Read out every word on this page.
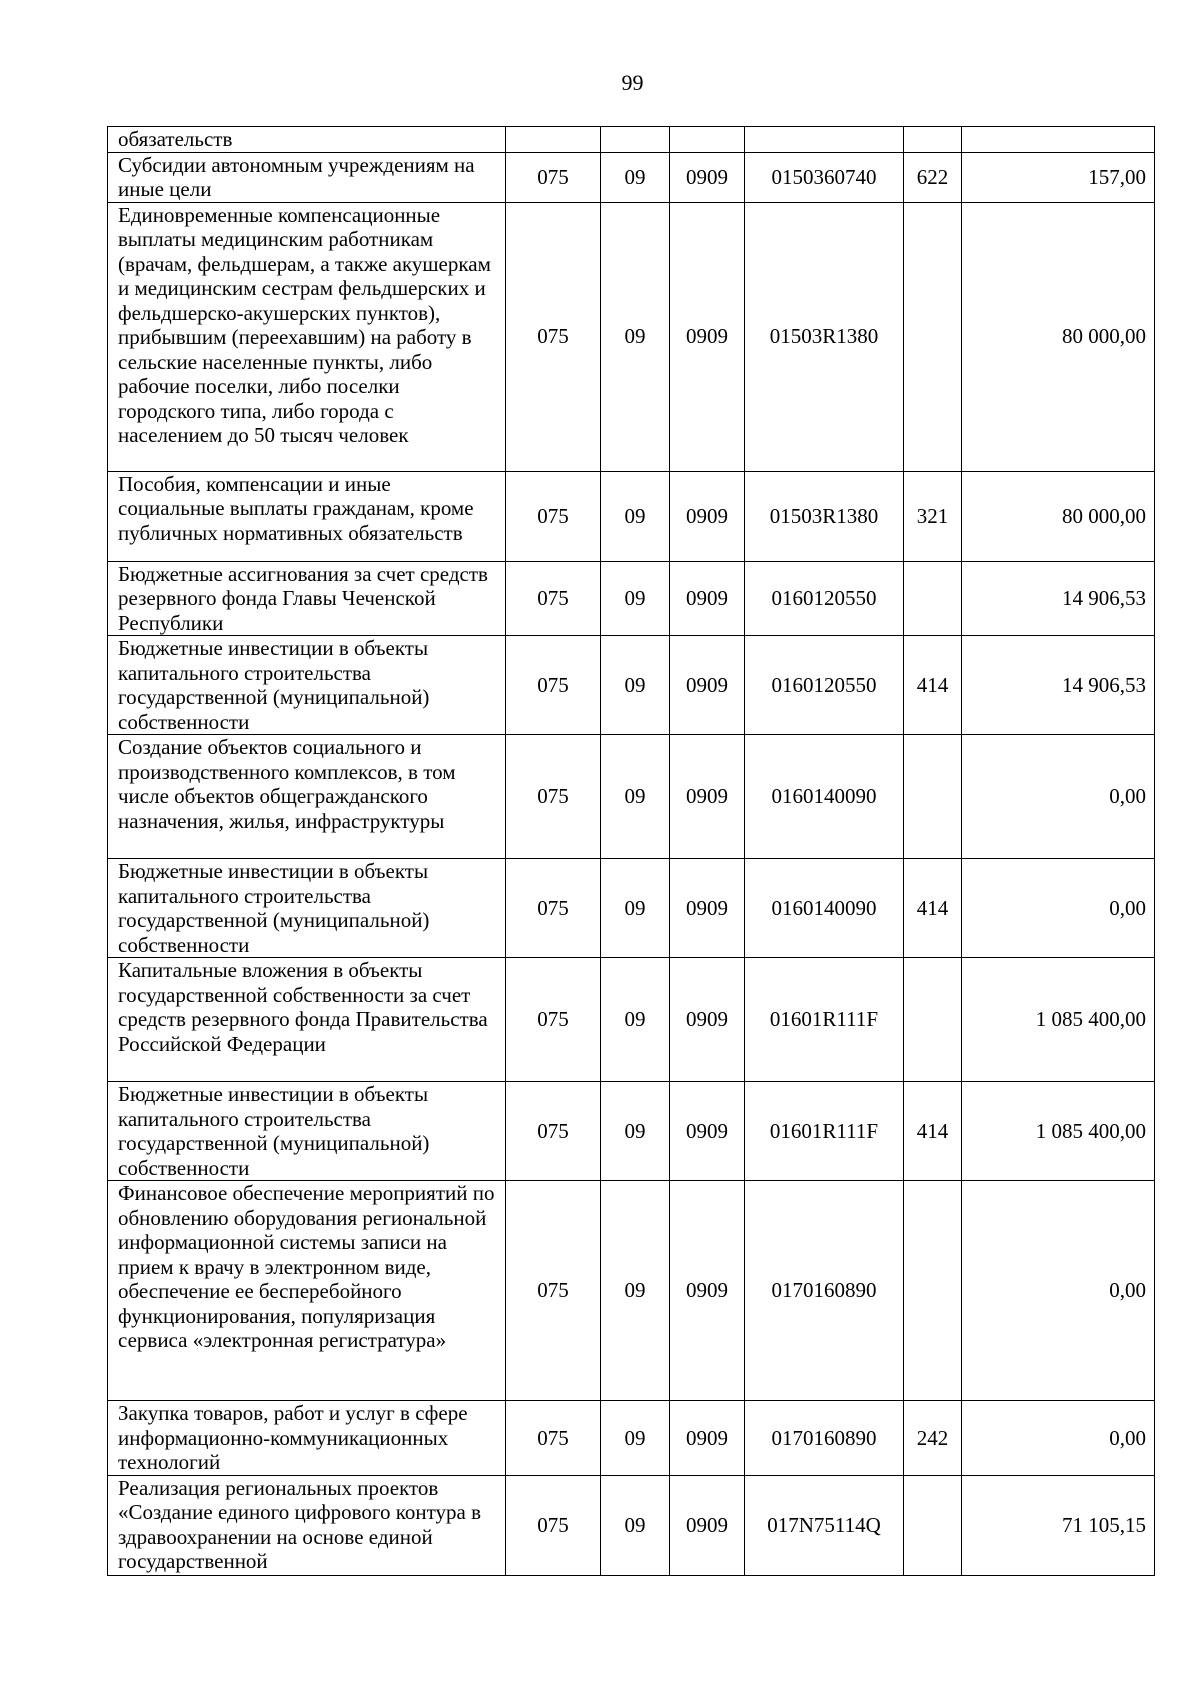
99
обязательств						
Субсидии автономным учреждениям на иные цели	075	09	0909	0150360740	622	157,00
Единовременные компенсационные выплаты медицинским работникам (врачам, фельдшерам, а также акушеркам и медицинским сестрам фельдшерских и фельдшерско-акушерских пунктов), прибывшим (переехавшим) на работу в сельские населенные пункты, либо рабочие поселки, либо поселки городского типа, либо города с населением до 50 тысяч человек	075	09	0909	01503R1380		80 000,00
Пособия, компенсации и иные социальные выплаты гражданам, кроме публичных нормативных обязательств	075	09	0909	01503R1380	321	80 000,00
Бюджетные ассигнования за счет средств резервного фонда Главы Чеченской Республики	075	09	0909	0160120550		14 906,53
Бюджетные инвестиции в объекты капитального строительства государственной (муниципальной) собственности	075	09	0909	0160120550	414	14 906,53
Создание объектов социального и производственного комплексов, в том числе объектов общегражданского назначения, жилья, инфраструктуры	075	09	0909	0160140090		0,00
Бюджетные инвестиции в объекты капитального строительства государственной (муниципальной) собственности	075	09	0909	0160140090	414	0,00
Капитальные вложения в объекты государственной собственности за счет средств резервного фонда Правительства Российской Федерации	075	09	0909	01601R111F		1 085 400,00
Бюджетные инвестиции в объекты капитального строительства государственной (муниципальной) собственности	075	09	0909	01601R111F	414	1 085 400,00
Финансовое обеспечение мероприятий по обновлению оборудования региональной информационной системы записи на прием к врачу в электронном виде, обеспечение ее бесперебойного функционирования, популяризация сервиса «электронная регистратура»	075	09	0909	0170160890		0,00
Закупка товаров, работ и услуг в сфере информационно-коммуникационных технологий	075	09	0909	0170160890	242	0,00
Реализация региональных проектов «Создание единого цифрового контура в здравоохранении на основе единой государственной	075	09	0909	017N75114Q		71 105,15
